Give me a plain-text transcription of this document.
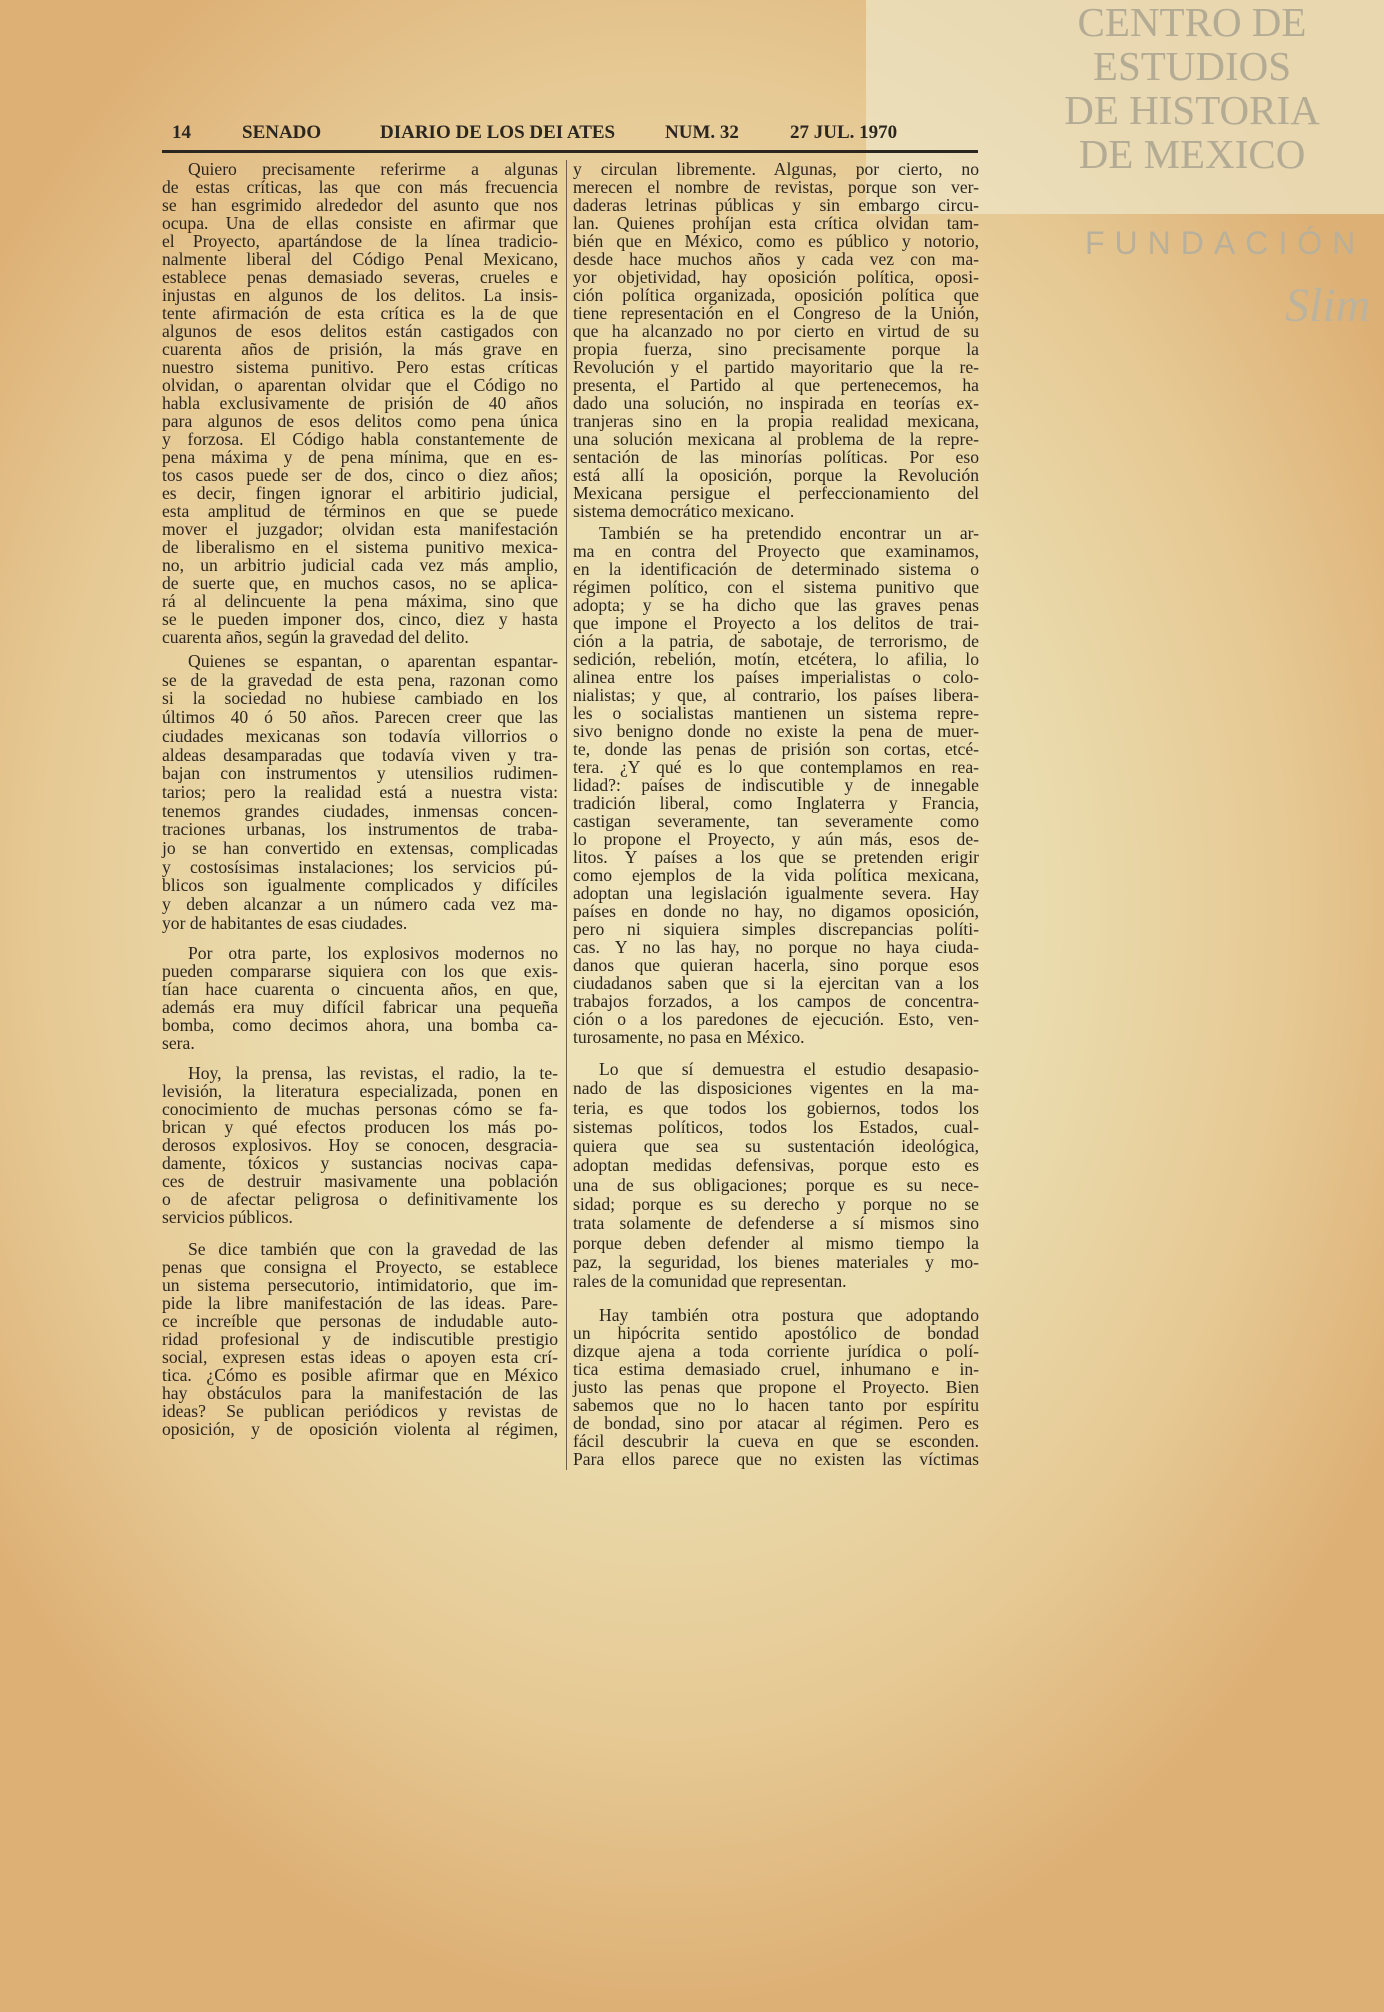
14	SENADO	DIARIO DE LOS DEI ATES	NUM. 32	27 JUL. 1970
CENTRO DE
ESTUDIOS
DE HISTORIA
DE MEXICO
FUNDACIÓN
Slim
Quiero precisamente referirme a algunas
de estas críticas, las que con más frecuencia
se han esgrimido alrededor del asunto que nos
ocupa. Una de ellas consiste en afirmar que
el Proyecto, apartándose de la línea tradicio-
nalmente liberal del Código Penal Mexicano,
establece penas demasiado severas, crueles e
injustas en algunos de los delitos. La insis-
tente afirmación de esta crítica es la de que
algunos de esos delitos están castigados con
cuarenta años de prisión, la más grave en
nuestro sistema punitivo. Pero estas críticas
olvidan, o aparentan olvidar que el Código no
habla exclusivamente de prisión de 40 años
para algunos de esos delitos como pena única
y forzosa. El Código habla constantemente de
pena máxima y de pena mínima, que en es-
tos casos puede ser de dos, cinco o diez años;
es decir, fingen ignorar el arbitirio judicial,
esta amplitud de términos en que se puede
mover el juzgador; olvidan esta manifestación
de liberalismo en el sistema punitivo mexica-
no, un arbitrio judicial cada vez más amplio,
de suerte que, en muchos casos, no se aplica-
rá al delincuente la pena máxima, sino que
se le pueden imponer dos, cinco, diez y hasta
cuarenta años, según la gravedad del delito.
Quienes se espantan, o aparentan espantar-
se de la gravedad de esta pena, razonan como
si la sociedad no hubiese cambiado en los
últimos 40 ó 50 años. Parecen creer que las
ciudades mexicanas son todavía villorrios o
aldeas desamparadas que todavía viven y tra-
bajan con instrumentos y utensilios rudimen-
tarios; pero la realidad está a nuestra vista:
tenemos grandes ciudades, inmensas concen-
traciones urbanas, los instrumentos de traba-
jo se han convertido en extensas, complicadas
y costosísimas instalaciones; los servicios pú-
blicos son igualmente complicados y difíciles
y deben alcanzar a un número cada vez ma-
yor de habitantes de esas ciudades.
Por otra parte, los explosivos modernos no
pueden compararse siquiera con los que exis-
tían hace cuarenta o cincuenta años, en que,
además era muy difícil fabricar una pequeña
bomba, como decimos ahora, una bomba ca-
sera.
Hoy, la prensa, las revistas, el radio, la te-
levisión, la literatura especializada, ponen en
conocimiento de muchas personas cómo se fa-
brican y qué efectos producen los más po-
derosos explosivos. Hoy se conocen, desgracia-
damente, tóxicos y sustancias nocivas capa-
ces de destruir masivamente una población
o de afectar peligrosa o definitivamente los
servicios públicos.
Se dice también que con la gravedad de las
penas que consigna el Proyecto, se establece
un sistema persecutorio, intimidatorio, que im-
pide la libre manifestación de las ideas. Pare-
ce increíble que personas de indudable auto-
ridad profesional y de indiscutible prestigio
social, expresen estas ideas o apoyen esta crí-
tica. ¿Cómo es posible afirmar que en México
hay obstáculos para la manifestación de las
ideas? Se publican periódicos y revistas de
oposición, y de oposición violenta al régimen,
y circulan libremente. Algunas, por cierto, no
merecen el nombre de revistas, porque son ver-
daderas letrinas públicas y sin embargo circu-
lan. Quienes prohíjan esta crítica olvidan tam-
bién que en México, como es público y notorio,
desde hace muchos años y cada vez con ma-
yor objetividad, hay oposición política, oposi-
ción política organizada, oposición política que
tiene representación en el Congreso de la Unión,
que ha alcanzado no por cierto en virtud de su
propia fuerza, sino precisamente porque la
Revolución y el partido mayoritario que la re-
presenta, el Partido al que pertenecemos, ha
dado una solución, no inspirada en teorías ex-
tranjeras sino en la propia realidad mexicana,
una solución mexicana al problema de la repre-
sentación de las minorías políticas. Por eso
está allí la oposición, porque la Revolución
Mexicana persigue el perfeccionamiento del
sistema democrático mexicano.
También se ha pretendido encontrar un ar-
ma en contra del Proyecto que examinamos,
en la identificación de determinado sistema o
régimen político, con el sistema punitivo que
adopta; y se ha dicho que las graves penas
que impone el Proyecto a los delitos de trai-
ción a la patria, de sabotaje, de terrorismo, de
sedición, rebelión, motín, etcétera, lo afilia, lo
alinea entre los países imperialistas o colo-
nialistas; y que, al contrario, los países libera-
les o socialistas mantienen un sistema repre-
sivo benigno donde no existe la pena de muer-
te, donde las penas de prisión son cortas, etcé-
tera. ¿Y qué es lo que contemplamos en rea-
lidad?: países de indiscutible y de innegable
tradición liberal, como Inglaterra y Francia,
castigan severamente, tan severamente como
lo propone el Proyecto, y aún más, esos de-
litos. Y países a los que se pretenden erigir
como ejemplos de la vida política mexicana,
adoptan una legislación igualmente severa. Hay
países en donde no hay, no digamos oposición,
pero ni siquiera simples discrepancias políti-
cas. Y no las hay, no porque no haya ciuda-
danos que quieran hacerla, sino porque esos
ciudadanos saben que si la ejercitan van a los
trabajos forzados, a los campos de concentra-
ción o a los paredones de ejecución. Esto, ven-
turosamente, no pasa en México.
Lo que sí demuestra el estudio desapasio-
nado de las disposiciones vigentes en la ma-
teria, es que todos los gobiernos, todos los
sistemas políticos, todos los Estados, cual-
quiera que sea su sustentación ideológica,
adoptan medidas defensivas, porque esto es
una de sus obligaciones; porque es su nece-
sidad; porque es su derecho y porque no se
trata solamente de defenderse a sí mismos sino
porque deben defender al mismo tiempo la
paz, la seguridad, los bienes materiales y mo-
rales de la comunidad que representan.
Hay también otra postura que adoptando
un hipócrita sentido apostólico de bondad
dizque ajena a toda corriente jurídica o polí-
tica estima demasiado cruel, inhumano e in-
justo las penas que propone el Proyecto. Bien
sabemos que no lo hacen tanto por espíritu
de bondad, sino por atacar al régimen. Pero es
fácil descubrir la cueva en que se esconden.
Para ellos parece que no existen las víctimas
